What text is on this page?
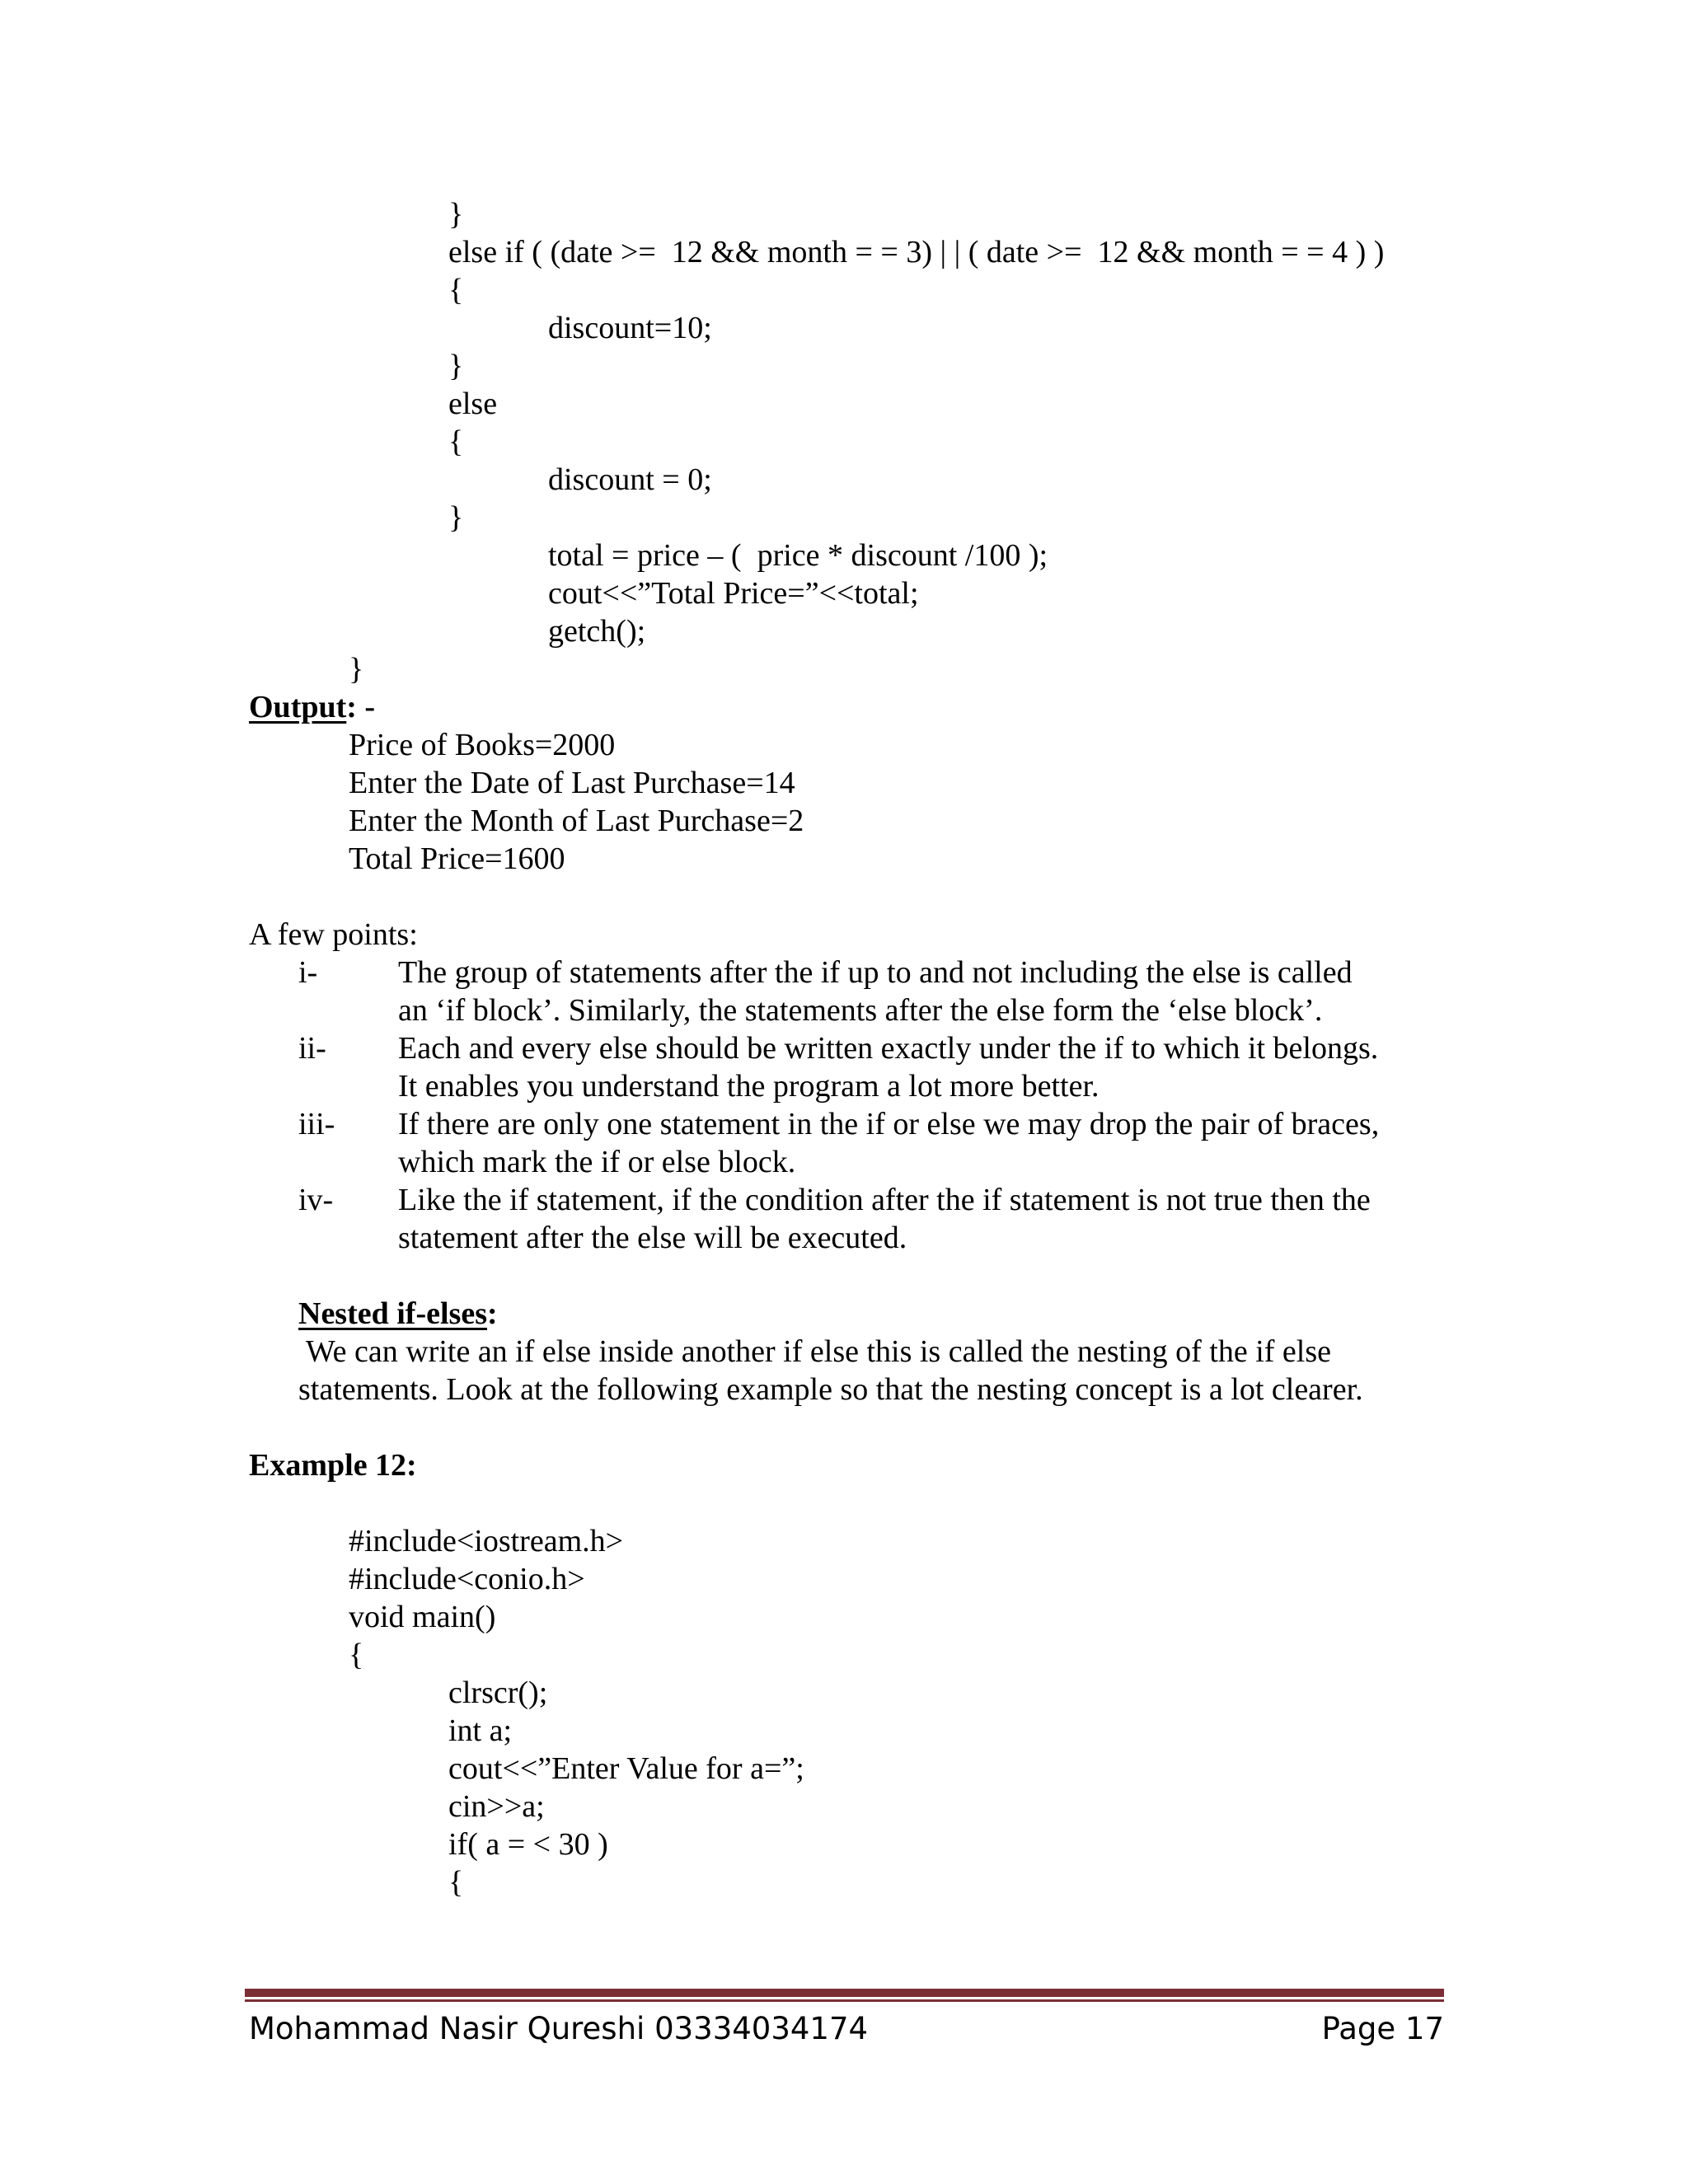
}
else if ( (date >=  12 && month = = 3) | | ( date >=  12 && month = = 4 ) )
{
discount=10;
}
else
{
discount = 0;
}
total = price – (  price * discount /100 );
cout<<”Total Price=”<<total;
getch();
}
Output: -
Price of Books=2000
Enter the Date of Last Purchase=14
Enter the Month of Last Purchase=2
Total Price=1600
A few points:
i-	The group of statements after the if up to and not including the else is called
an ‘if block’. Similarly, the statements after the else form the ‘else block’.
ii- Each and every else should be written exactly under the if to which it belongs.
It enables you understand the program a lot more better.
iii- If there are only one statement in the if or else we may drop the pair of braces,
which mark the if or else block.
iv- Like the if statement, if the condition after the if statement is not true then the
statement after the else will be executed.
Nested if-elses:
We can write an if else inside another if else this is called the nesting of the if else
statements. Look at the following example so that the nesting concept is a lot clearer.
Example 12:
#include<iostream.h>
#include<conio.h>
void main()
{
clrscr();
int a;
cout<<”Enter Value for a=”;
cin>>a;
if( a = < 30 )
{
Mohammad Nasir Qureshi 03334034174	Page 17
